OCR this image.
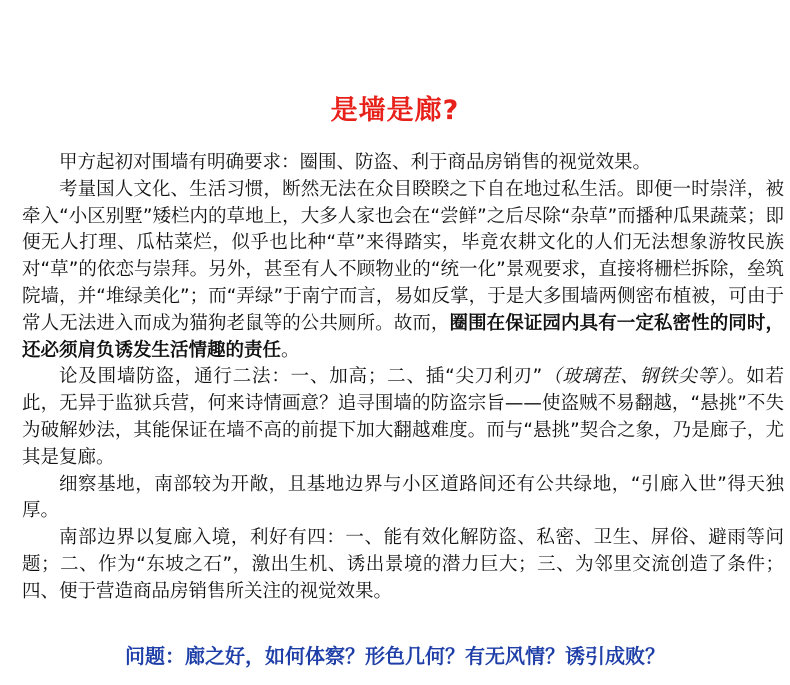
是墙是廊?

甲方起初对围墙有明确要求：圈围、防盗、利于商品房销售的视觉效果。

考量国人文化、生活习惯，断然无法在众目睽睽之下自在地过私生活。即便一时崇洋，被牵入“小区别墅”矮栏内的草地上，大多人家也会在“尝鲜”之后尽除“杂草”而播种瓜果蔬菜；即便无人打理、瓜枯菜烂，似乎也比种“草”来得踏实，毕竟农耕文化的人们无法想象游牧民族对“草”的依恋与崇拜。另外，甚至有人不顾物业的“统一化”景观要求，直接将栅栏拆除，垒筑院墙，并“堆绿美化”；而“弄绿”于南宁而言，易如反掌，于是大多围墙两侧密布植被，可由于常人无法进入而成为猫狗老鼠等的公共厕所。故而，圈围在保证园内具有一定私密性的同时，还必须肩负诱发生活情趣的责任。

论及围墙防盗，通行二法：一、加高；二、插“尖刀利刃”（玻璃茬、钢铁尖等）。如若此，无异于监狱兵营，何来诗情画意？追寻围墙的防盗宗旨——使盗贼不易翻越，“悬挑”不失为破解妙法，其能保证在墙不高的前提下加大翻越难度。而与“悬挑”契合之象，乃是廊子，尤其是复廊。

细察基地，南部较为开敞，且基地边界与小区道路间还有公共绿地，“引廊入世”得天独厚。

南部边界以复廊入境，利好有四：一、能有效化解防盗、私密、卫生、屏俗、避雨等问题；二、作为“东坡之石”，激出生机、诱出景境的潜力巨大；三、为邻里交流创造了条件；四、便于营造商品房销售所关注的视觉效果。

问题：廊之好，如何体察？形色几何？有无风情？诱引成败？
